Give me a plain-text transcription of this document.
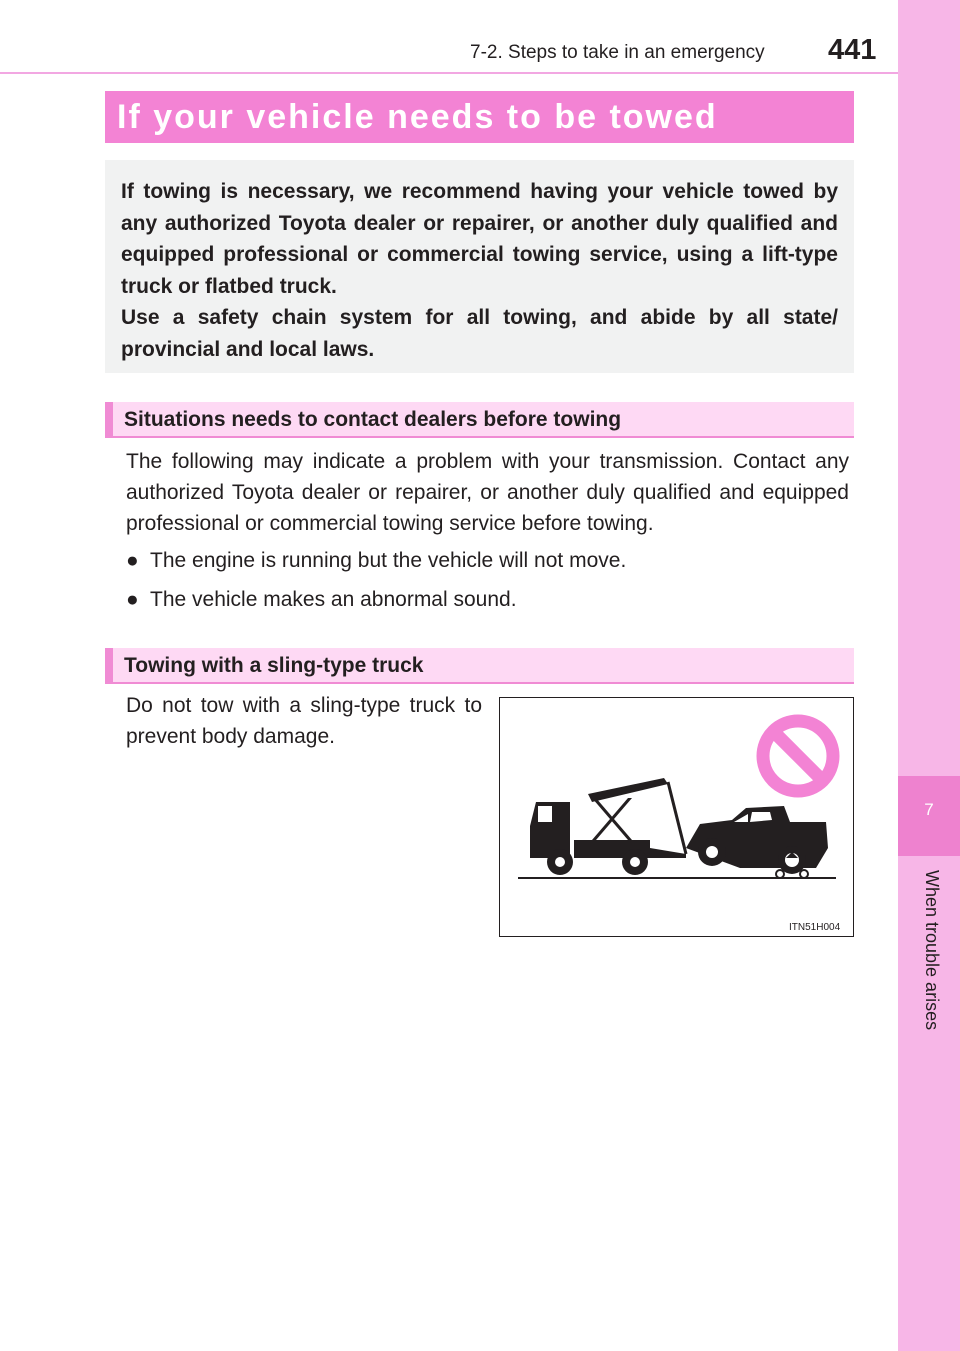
7
When trouble arises
7-2. Steps to take in an emergency 441
If your vehicle needs to be towed

If towing is necessary, we recommend having your vehicle towed by any authorized Toyota dealer or repairer, or another duly qualified and equipped professional or commercial towing service, using a lift-type truck or flatbed truck.

Use a safety chain system for all towing, and abide by all state/ provincial and local laws.

Situations needs to contact dealers before towing

The following may indicate a problem with your transmission. Contact any authorized Toyota dealer or repairer, or another duly qualified and equipped professional or commercial towing service before towing.

● The engine is running but the vehicle will not move.
● The vehicle makes an abnormal sound.
Towing with a sling-type truck

Do not tow with a sling-type truck to prevent body damage.

ITN51H004
